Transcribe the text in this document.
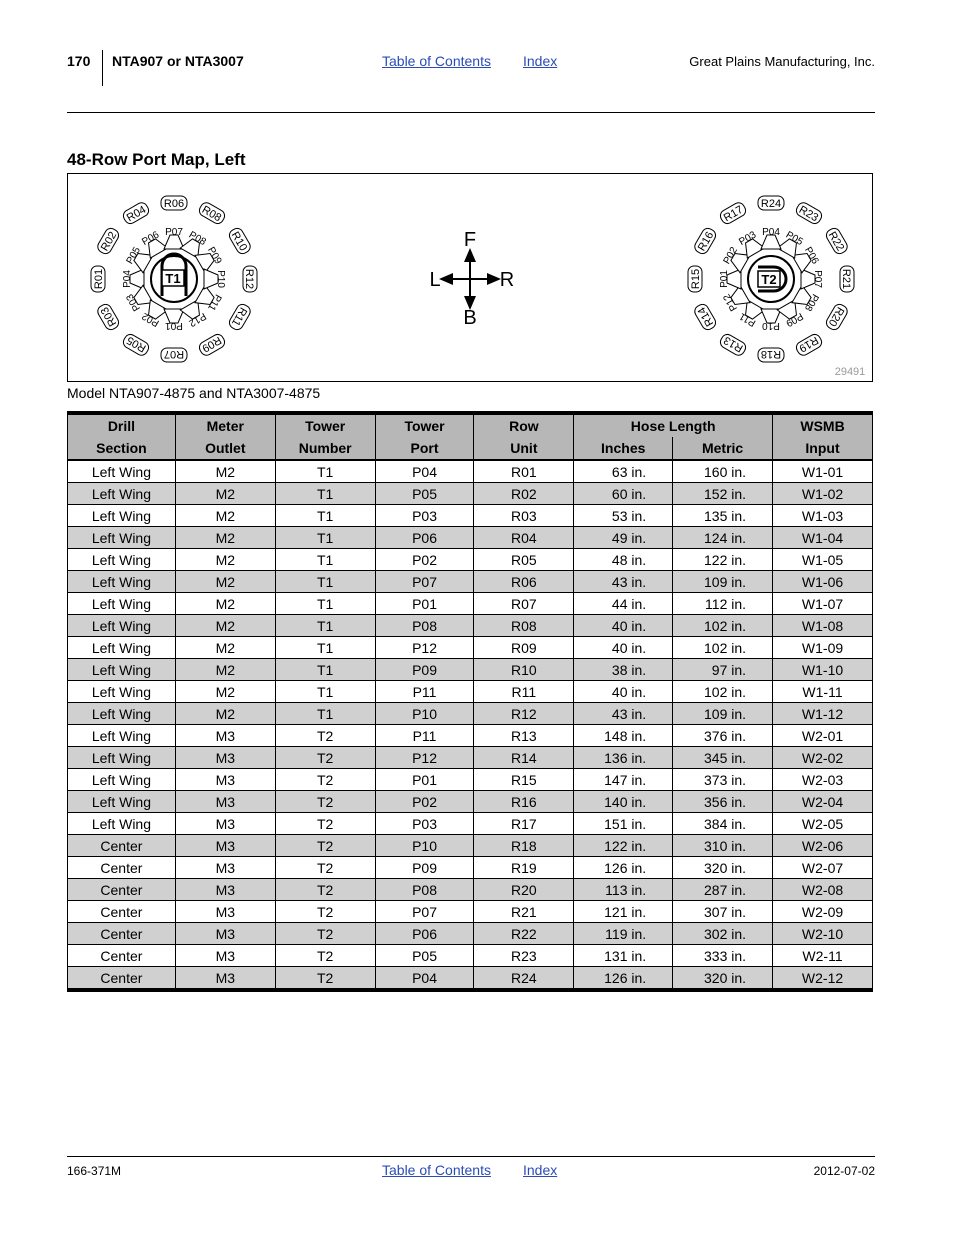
170 NTA907 or NTA3007	Table of Contents Index	Great Plains Manufacturing, Inc.
48-Row Port Map, Left
P04
R01
P05
R02
P03
R03
P06
R04
P02
R05
P07
R06
P01
R07
P08
R08
P12
R09
P09
R10
P11
R11
P10 R12
P11
R13
P12
R14
P01
R15
P02
R16 P03
R17
P10
R18
P09
R19
P08
R20
P07 R21
P06
R22
P05
R23
P04
R24
T1	T2
F
B
L	R
29491
Model NTA907-4875 and NTA3007-4875
Drill	Meter	Tower	Tower	Row	Hose Length		WSMB
Section	Outlet	Number	Port	Unit	Inches	Metric	Input
Left Wing	M2	T1	P04	R01	63 in.	160 in.	W1-01
Left Wing	M2	T1	P05	R02	60 in.	152 in.	W1-02
Left Wing	M2	T1	P03	R03	53 in.	135 in.	W1-03
Left Wing	M2	T1	P06	R04	49 in.	124 in.	W1-04
Left Wing	M2	T1	P02	R05	48 in.	122 in.	W1-05
Left Wing	M2	T1	P07	R06	43 in.	109 in.	W1-06
Left Wing	M2	T1	P01	R07	44 in.	112 in.	W1-07
Left Wing	M2	T1	P08	R08	40 in.	102 in.	W1-08
Left Wing	M2	T1	P12	R09	40 in.	102 in.	W1-09
Left Wing	M2	T1	P09	R10	38 in.	97 in.	W1-10
Left Wing	M2	T1	P11	R11	40 in.	102 in.	W1-11
Left Wing	M2	T1	P10	R12	43 in.	109 in.	W1-12
Left Wing	M3	T2	P11	R13	148 in.	376 in.	W2-01
Left Wing	M3	T2	P12	R14	136 in.	345 in.	W2-02
Left Wing	M3	T2	P01	R15	147 in.	373 in.	W2-03
Left Wing	M3	T2	P02	R16	140 in.	356 in.	W2-04
Left Wing	M3	T2	P03	R17	151 in.	384 in.	W2-05
Center	M3	T2	P10	R18	122 in.	310 in.	W2-06
Center	M3	T2	P09	R19	126 in.	320 in.	W2-07
Center	M3	T2	P08	R20	113 in.	287 in.	W2-08
Center	M3	T2	P07	R21	121 in.	307 in.	W2-09
Center	M3	T2	P06	R22	119 in.	302 in.	W2-10
Center	M3	T2	P05	R23	131 in.	333 in.	W2-11
Center	M3	T2	P04	R24	126 in.	320 in.	W2-12
166-371M	Table of Contents Index	2012-07-02
